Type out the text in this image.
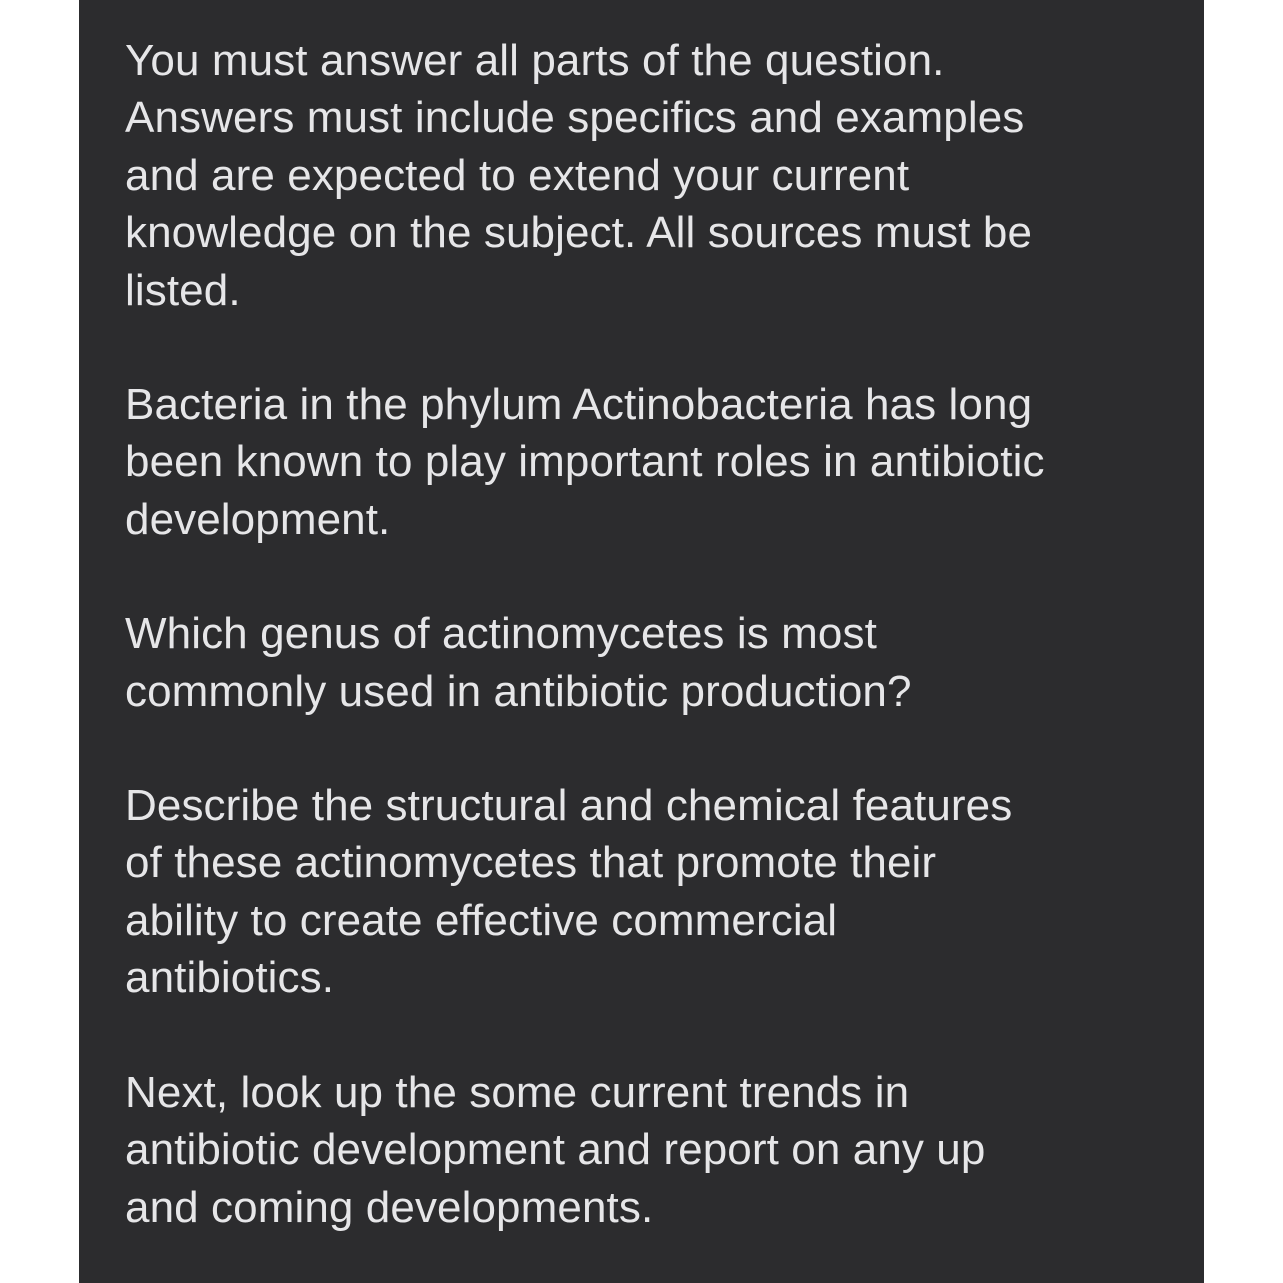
You must answer all parts of the question.
Answers must include specifics and examples
and are expected to extend your current
knowledge on the subject. All sources must be
listed.

Bacteria in the phylum Actinobacteria has long
been known to play important roles in antibiotic
development.

Which genus of actinomycetes is most
commonly used in antibiotic production?

Describe the structural and chemical features
of these actinomycetes that promote their
ability to create effective commercial
antibiotics.

Next, look up the some current trends in
antibiotic development and report on any up
and coming developments.
